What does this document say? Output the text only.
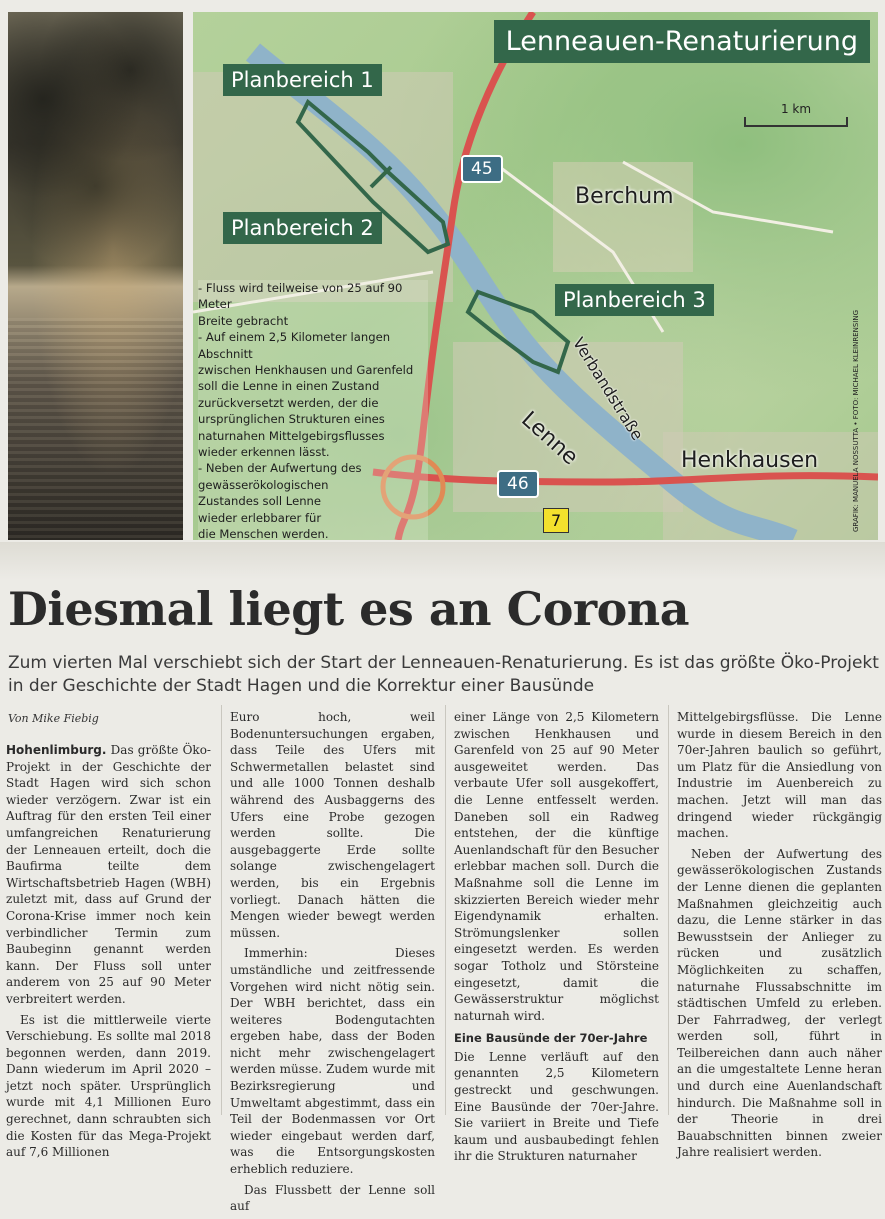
Lenneauen-Renaturierung
Planbereich 1
Planbereich 2
Planbereich 3
Berchum
Henkhausen
Lenne
Verbandstraße
45
46
7
1 km
- Fluss wird teilweise von 25 auf 90 Meter
Breite gebracht
- Auf einem 2,5 Kilometer langen Abschnitt
zwischen Henkhausen und Garenfeld
soll die Lenne in einen Zustand
zurückversetzt werden, der die
ursprünglichen Strukturen eines
naturnahen Mittelgebirgsflusses
wieder erkennen lässt.
- Neben der Aufwertung des
gewässerökologischen
Zustandes soll Lenne
wieder erlebbarer für
die Menschen werden.
GRAFIK: MANUELA NOSSUTTA • FOTO: MICHAEL KLEINRENSING
Diesmal liegt es an Corona
Zum vierten Mal verschiebt sich der Start der Lenneauen-Renaturierung. Es ist das größte Öko-Projekt in der Geschichte der Stadt Hagen und die Korrektur einer Bausünde
Von Mike Fiebig

Hohenlimburg. Das größte Öko-Projekt in der Geschichte der Stadt Hagen wird sich schon wieder verzögern. Zwar ist ein Auftrag für den ersten Teil einer umfangreichen Renaturierung der Lenneauen erteilt, doch die Baufirma teilte dem Wirtschaftsbetrieb Hagen (WBH) zuletzt mit, dass auf Grund der Corona-Krise immer noch kein verbindlicher Termin zum Baubeginn genannt werden kann. Der Fluss soll unter anderem von 25 auf 90 Meter verbreitert werden.

Es ist die mittlerweile vierte Verschiebung. Es sollte mal 2018 begonnen werden, dann 2019. Dann wiederum im April 2020 – jetzt noch später. Ursprünglich wurde mit 4,1 Millionen Euro gerechnet, dann schraubten sich die Kosten für das Mega-Projekt auf 7,6 Millionen

Euro hoch, weil Bodenuntersuchungen ergaben, dass Teile des Ufers mit Schwermetallen belastet sind und alle 1000 Tonnen deshalb während des Ausbaggerns des Ufers eine Probe gezogen werden sollte. Die ausgebaggerte Erde sollte solange zwischengelagert werden, bis ein Ergebnis vorliegt. Danach hätten die Mengen wieder bewegt werden müssen.

Immerhin: Dieses umständliche und zeitfressende Vorgehen wird nicht nötig sein. Der WBH berichtet, dass ein weiteres Bodengutachten ergeben habe, dass der Boden nicht mehr zwischengelagert werden müsse. Zudem wurde mit Bezirksregierung und Umweltamt abgestimmt, dass ein Teil der Bodenmassen vor Ort wieder eingebaut werden darf, was die Entsorgungskosten erheblich reduziere.

Das Flussbett der Lenne soll auf

einer Länge von 2,5 Kilometern zwischen Henkhausen und Garenfeld von 25 auf 90 Meter ausgeweitet werden. Das verbaute Ufer soll ausgekoffert, die Lenne entfesselt werden. Daneben soll ein Radweg entstehen, der die künftige Auenlandschaft für den Besucher erlebbar machen soll. Durch die Maßnahme soll die Lenne im skizzierten Bereich wieder mehr Eigendynamik erhalten. Strömungslenker sollen eingesetzt werden. Es werden sogar Totholz und Störsteine eingesetzt, damit die Gewässerstruktur möglichst naturnah wird.

Eine Bausünde der 70er-Jahre

Die Lenne verläuft auf den genannten 2,5 Kilometern gestreckt und geschwungen. Eine Bausünde der 70er-Jahre. Sie variiert in Breite und Tiefe kaum und ausbaubedingt fehlen ihr die Strukturen naturnaher

Mittelgebirgsflüsse. Die Lenne wurde in diesem Bereich in den 70er-Jahren baulich so geführt, um Platz für die Ansiedlung von Industrie im Auenbereich zu machen. Jetzt will man das dringend wieder rückgängig machen.

Neben der Aufwertung des gewässerökologischen Zustands der Lenne dienen die geplanten Maßnahmen gleichzeitig auch dazu, die Lenne stärker in das Bewusstsein der Anlieger zu rücken und zusätzlich Möglichkeiten zu schaffen, naturnahe Flussabschnitte im städtischen Umfeld zu erleben. Der Fahrradweg, der verlegt werden soll, führt in Teilbereichen dann auch näher an die umgestaltete Lenne heran und durch eine Auenlandschaft hindurch. Die Maßnahme soll in der Theorie in drei Bauabschnitten binnen zweier Jahre realisiert werden.
